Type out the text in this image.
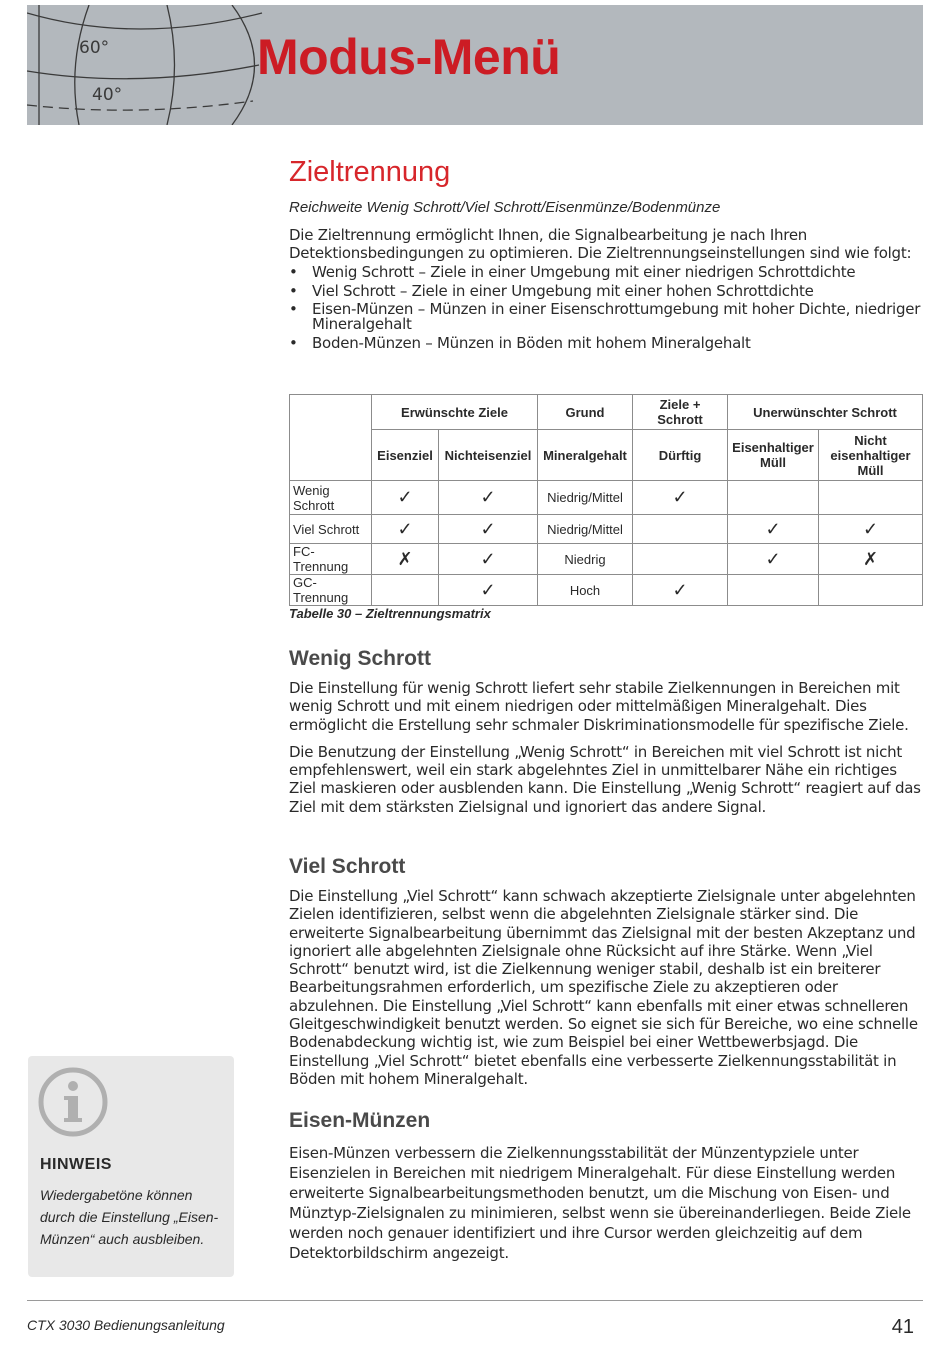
60°
40°
Modus-Menü
Zieltrennung

Reichweite Wenig Schrott/Viel Schrott/Eisenmünze/Bodenmünze

Die Zieltrennung ermöglicht Ihnen, die Signalbearbeitung je nach Ihren Detektionsbedingungen zu optimieren. Die Zieltrennungseinstellungen sind wie folgt:

• Wenig Schrott – Ziele in einer Umgebung mit einer niedrigen Schrottdichte
• Viel Schrott – Ziele in einer Umgebung mit einer hohen Schrottdichte
• Eisen-Münzen – Münzen in einer Eisenschrottumgebung mit hoher Dichte, niedriger Mineralgehalt
• Boden-Münzen – Münzen in Böden mit hohem Mineralgehalt
	Erwünschte Ziele		Grund	Ziele + Schrott	Unerwünschter Schrott	
	Eisenziel	Nichteisenziel	Mineralgehalt	Dürftig	Eisenhaltiger Müll	Nicht eisenhaltiger Müll
Wenig Schrott	✓	✓	Niedrig/Mittel	✓		
Viel Schrott	✓	✓	Niedrig/Mittel		✓	✓
FC-Trennung	✗	✓	Niedrig		✓	✗
GC-Trennung		✓	Hoch	✓		
Tabelle 30 – Zieltrennungsmatrix
Wenig Schrott

Die Einstellung für wenig Schrott liefert sehr stabile Zielkennungen in Bereichen mit wenig Schrott und mit einem niedrigen oder mittelmäßigen Mineralgehalt. Dies ermöglicht die Erstellung sehr schmaler Diskriminationsmodelle für spezifische Ziele.

Die Benutzung der Einstellung „Wenig Schrott“ in Bereichen mit viel Schrott ist nicht empfehlenswert, weil ein stark abgelehntes Ziel in unmittelbarer Nähe ein richtiges Ziel maskieren oder ausblenden kann. Die Einstellung „Wenig Schrott“ reagiert auf das Ziel mit dem stärksten Zielsignal und ignoriert das andere Signal.

Viel Schrott

Die Einstellung „Viel Schrott“ kann schwach akzeptierte Zielsignale unter abgelehnten Zielen identifizieren, selbst wenn die abgelehnten Zielsignale stärker sind. Die erweiterte Signalbearbeitung übernimmt das Zielsignal mit der besten Akzeptanz und ignoriert alle abgelehnten Zielsignale ohne Rücksicht auf ihre Stärke. Wenn „Viel Schrott“ benutzt wird, ist die Zielkennung weniger stabil, deshalb ist ein breiterer Bearbeitungsrahmen erforderlich, um spezifische Ziele zu akzeptieren oder abzulehnen. Die Einstellung „Viel Schrott“ kann ebenfalls mit einer etwas schnelleren Gleitgeschwindigkeit benutzt werden. So eignet sie sich für Bereiche, wo eine schnelle Bodenabdeckung wichtig ist, wie zum Beispiel bei einer Wettbewerbsjagd. Die Einstellung „Viel Schrott“ bietet ebenfalls eine verbesserte Zielkennungsstabilität in Böden mit hohem Mineralgehalt.

Eisen-Münzen

Eisen-Münzen verbessern die Zielkennungsstabilität der Münzentypziele unter Eisenzielen in Bereichen mit niedrigem Mineralgehalt. Für diese Einstellung werden erweiterte Signalbearbeitungsmethoden benutzt, um die Mischung von Eisen- und Münztyp-Zielsignalen zu minimieren, selbst wenn sie übereinanderliegen. Beide Ziele werden noch genauer identifiziert und ihre Cursor werden gleichzeitig auf dem Detektorbildschirm angezeigt.

HINWEIS
Wiedergabetöne können durch die Einstellung „Eisen-Münzen“ auch ausbleiben.
CTX 3030 Bedienungsanleitung	41
